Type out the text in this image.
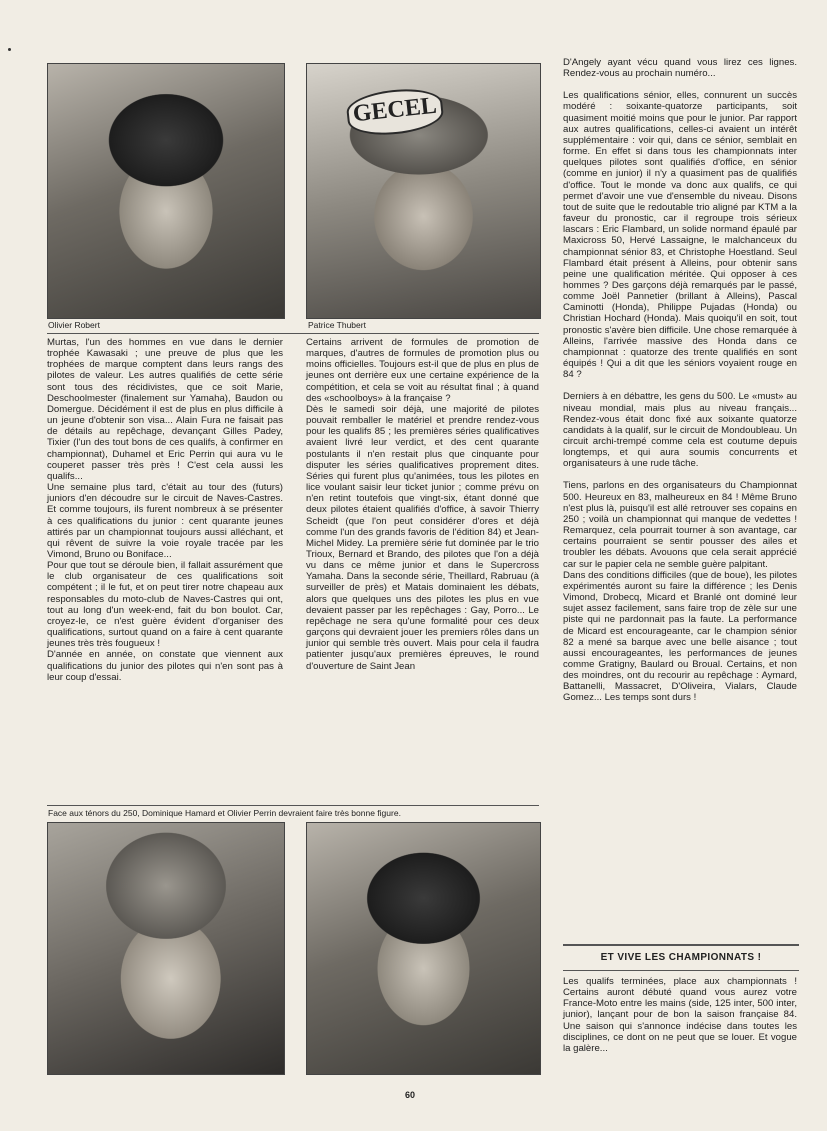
Olivier Robert
GECEL
Patrice Thubert

Murtas, l'un des hommes en vue dans le dernier trophée Kawasaki ; une preuve de plus que les trophées de marque comptent dans leurs rangs des pilotes de valeur. Les autres qualifiés de cette série sont tous des récidivistes, que ce soit Marie, Deschoolmester (finalement sur Yamaha), Baudon ou Domergue. Décidément il est de plus en plus difficile à un jeune d'obtenir son visa... Alain Fura ne faisait pas de détails au repêchage, devançant Gilles Padey, Tixier (l'un des tout bons de ces qualifs, à confirmer en championnat), Duhamel et Eric Perrin qui aura vu le couperet passer très près ! C'est cela aussi les qualifs...

Une semaine plus tard, c'était au tour des (futurs) juniors d'en découdre sur le circuit de Naves-Castres. Et comme toujours, ils furent nombreux à se présenter à ces qualifications du junior : cent quarante jeunes attirés par un championnat toujours aussi alléchant, et qui rêvent de suivre la voie royale tracée par les Vimond, Bruno ou Boniface...

Pour que tout se déroule bien, il fallait assurément que le club organisateur de ces qualifications soit compétent ; il le fut, et on peut tirer notre chapeau aux responsables du moto-club de Naves-Castres qui ont, tout au long d'un week-end, fait du bon boulot. Car, croyez-le, ce n'est guère évident d'organiser des qualifications, surtout quand on a faire à cent quarante jeunes très très fougueux !

D'année en année, on constate que viennent aux qualifications du junior des pilotes qui n'en sont pas à leur coup d'essai.

Certains arrivent de formules de promotion de marques, d'autres de formules de promotion plus ou moins officielles. Toujours est-il que de plus en plus de jeunes ont derrière eux une certaine expérience de la compétition, et cela se voit au résultat final ; à quand des «schoolboys» à la française ?

Dès le samedi soir déjà, une majorité de pilotes pouvait remballer le matériel et prendre rendez-vous pour les qualifs 85 ; les premières séries qualificatives avaient livré leur verdict, et des cent quarante postulants il n'en restait plus que cinquante pour disputer les séries qualificatives proprement dites. Séries qui furent plus qu'animées, tous les pilotes en lice voulant saisir leur ticket junior ; comme prévu on n'en retint toutefois que vingt-six, étant donné que deux pilotes étaient qualifiés d'office, à savoir Thierry Scheidt (que l'on peut considérer d'ores et déjà comme l'un des grands favoris de l'édition 84) et Jean-Michel Midey. La première série fut dominée par le trio Trioux, Bernard et Brando, des pilotes que l'on a déjà vu dans ce même junior et dans le Supercross Yamaha. Dans la seconde série, Theillard, Rabruau (à surveiller de près) et Matais dominaient les débats, alors que quelques uns des pilotes les plus en vue devaient passer par les repêchages : Gay, Porro... Le repêchage ne sera qu'une formalité pour ces deux garçons qui devraient jouer les premiers rôles dans un junior qui semble très ouvert. Mais pour cela il faudra patienter jusqu'aux premières épreuves, le round d'ouverture de Saint Jean

Face aux ténors du 250, Dominique Hamard et Olivier Perrin devraient faire très bonne figure.

D'Angely ayant vécu quand vous lirez ces lignes. Rendez-vous au prochain numéro...

Les qualifications sénior, elles, connurent un succès modéré : soixante-quatorze participants, soit quasiment moitié moins que pour le junior. Par rapport aux autres qualifications, celles-ci avaient un intérêt supplémentaire : voir qui, dans ce sénior, semblait en forme. En effet si dans tous les championnats inter quelques pilotes sont qualifiés d'office, en sénior (comme en junior) il n'y a quasiment pas de qualifiés d'office. Tout le monde va donc aux qualifs, ce qui permet d'avoir une vue d'ensemble du niveau. Disons tout de suite que le redoutable trio aligné par KTM a la faveur du pronostic, car il regroupe trois sérieux lascars : Eric Flambard, un solide normand épaulé par Maxicross 50, Hervé Lassaigne, le malchanceux du championnat sénior 83, et Christophe Hoestland. Seul Flambard était présent à Alleins, pour obtenir sans peine une qualification méritée. Qui opposer à ces hommes ? Des garçons déjà remarqués par le passé, comme Joël Pannetier (brillant à Alleins), Pascal Caminotti (Honda), Philippe Pujadas (Honda) ou Christian Hochard (Honda). Mais quoiqu'il en soit, tout pronostic s'avère bien difficile. Une chose remarquée à Alleins, l'arrivée massive des Honda dans ce championnat : quatorze des trente qualifiés en sont équipés ! Qui a dit que les séniors voyaient rouge en 84 ?

Derniers à en débattre, les gens du 500. Le «must» au niveau mondial, mais plus au niveau français... Rendez-vous était donc fixé aux soixante quatorze candidats à la qualif, sur le circuit de Mondoubleau. Un circuit archi-trempé comme cela est coutume depuis longtemps, et qui aura soumis concurrents et organisateurs à une rude tâche.

Tiens, parlons en des organisateurs du Championnat 500. Heureux en 83, malheureux en 84 ! Même Bruno n'est plus là, puisqu'il est allé retrouver ses copains en 250 ; voilà un championnat qui manque de vedettes ! Remarquez, cela pourrait tourner à son avantage, car certains pourraient se sentir pousser des ailes et troubler les débats. Avouons que cela serait apprécié car sur le papier cela ne semble guère palpitant.

Dans des conditions difficiles (que de boue), les pilotes expérimentés auront su faire la différence ; les Denis Vimond, Drobecq, Micard et Branlé ont dominé leur sujet assez facilement, sans faire trop de zèle sur une piste qui ne pardonnait pas la faute. La performance de Micard est encourageante, car le champion sénior 82 a mené sa barque avec une belle aisance ; tout aussi encourageantes, les performances de jeunes comme Gratigny, Baulard ou Broual. Certains, et non des moindres, ont du recourir au repêchage : Aymard, Battanelli, Massacret, D'Oliveira, Vialars, Claude Gomez... Les temps sont durs !

ET VIVE LES CHAMPIONNATS !
Les qualifs terminées, place aux championnats ! Certains auront débuté quand vous aurez votre France-Moto entre les mains (side, 125 inter, 500 inter, junior), lançant pour de bon la saison française 84. Une saison qui s'annonce indécise dans toutes les disciplines, ce dont on ne peut que se louer. Et vogue la galère...
60
